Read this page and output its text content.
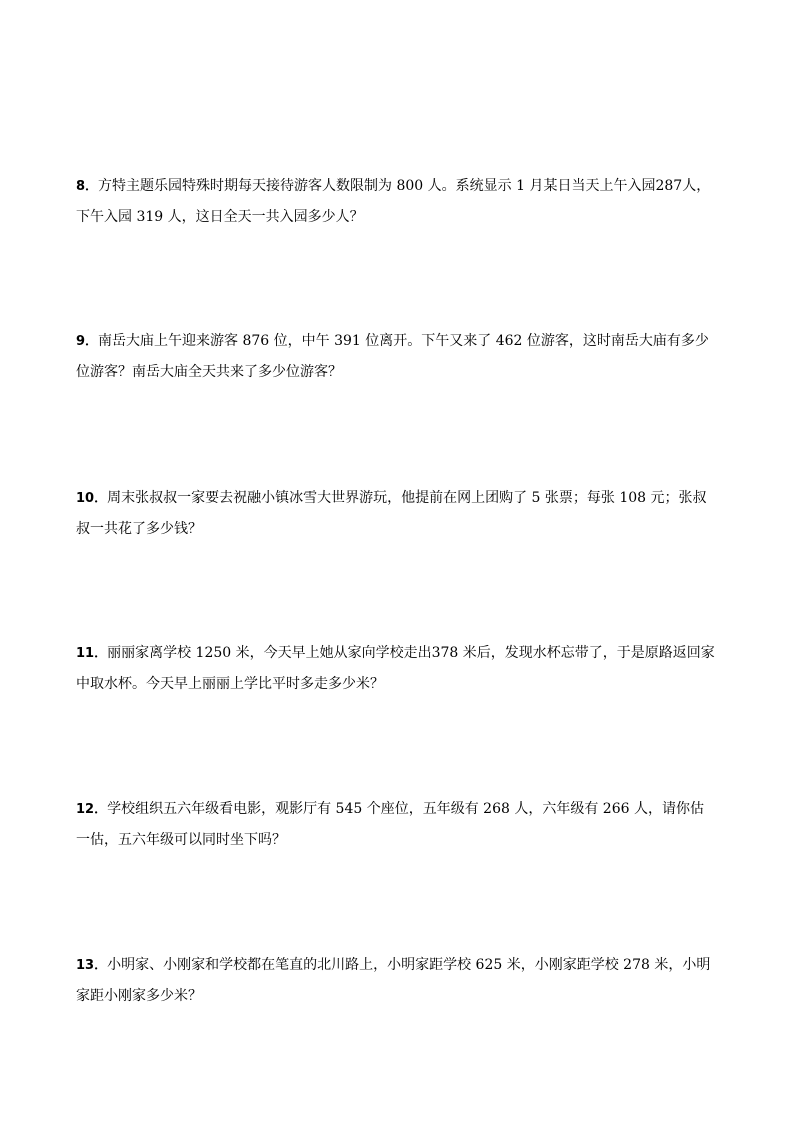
8．方特主题乐园特殊时期每天接待游客人数限制为 800 人。系统显示 1 月某日当天上午入园287人，下午入园 319 人，这日全天一共入园多少人？

9．南岳大庙上午迎来游客 876 位，中午 391 位离开。下午又来了 462 位游客，这时南岳大庙有多少位游客？南岳大庙全天共来了多少位游客？

10．周末张叔叔一家要去祝融小镇冰雪大世界游玩，他提前在网上团购了 5 张票；每张 108 元；张叔叔一共花了多少钱？

11．丽丽家离学校 1250 米，今天早上她从家向学校走出378 米后，发现水杯忘带了，于是原路返回家中取水杯。今天早上丽丽上学比平时多走多少米？

12．学校组织五六年级看电影，观影厅有 545 个座位，五年级有 268 人，六年级有 266 人，请你估一估，五六年级可以同时坐下吗？

13．小明家、小刚家和学校都在笔直的北川路上，小明家距学校 625 米，小刚家距学校 278 米，小明家距小刚家多少米？
